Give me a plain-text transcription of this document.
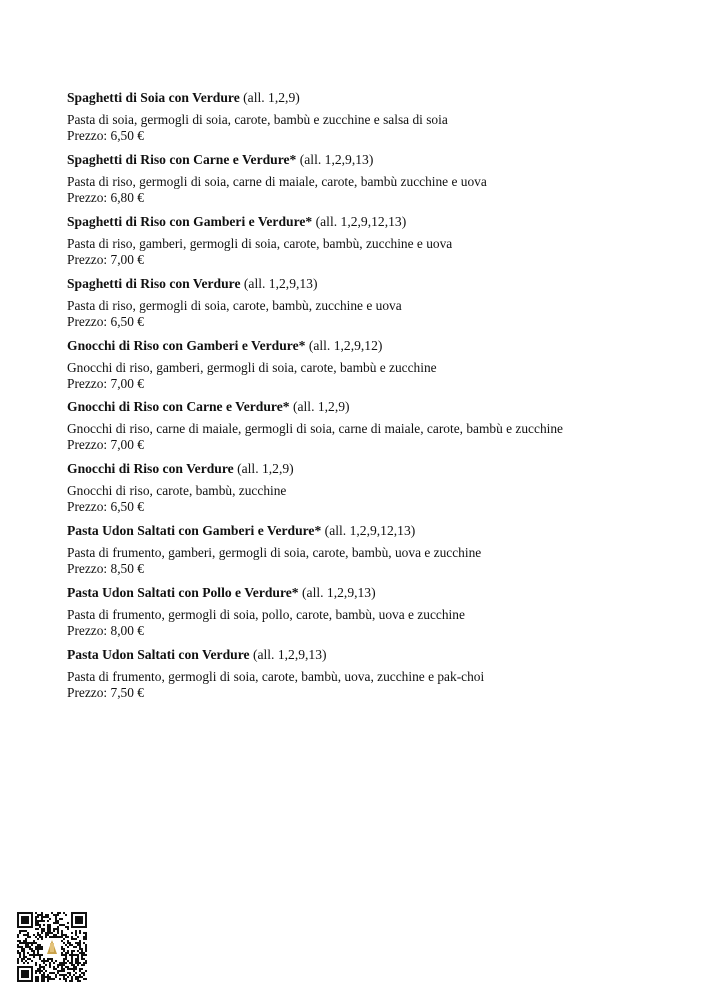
Spaghetti di Soia con Verdure (all. 1,2,9)
Pasta di soia, germogli di soia, carote, bambù e zucchine e salsa di soia
Prezzo: 6,50 €
Spaghetti di Riso con Carne e Verdure* (all. 1,2,9,13)
Pasta di riso, germogli di soia, carne di maiale, carote, bambù zucchine e uova
Prezzo: 6,80 €
Spaghetti di Riso con Gamberi e Verdure* (all. 1,2,9,12,13)
Pasta di riso, gamberi, germogli di soia, carote, bambù, zucchine e uova
Prezzo: 7,00 €
Spaghetti di Riso con Verdure (all. 1,2,9,13)
Pasta di riso, germogli di soia, carote, bambù, zucchine e uova
Prezzo: 6,50 €
Gnocchi di Riso con Gamberi e Verdure* (all. 1,2,9,12)
Gnocchi di riso, gamberi, germogli di soia, carote, bambù e zucchine
Prezzo: 7,00 €
Gnocchi di Riso con Carne e Verdure* (all. 1,2,9)
Gnocchi di riso, carne di maiale, germogli di soia, carne di maiale, carote, bambù e zucchine
Prezzo: 7,00 €
Gnocchi di Riso con Verdure (all. 1,2,9)
Gnocchi di riso, carote, bambù, zucchine
Prezzo: 6,50 €
Pasta Udon Saltati con Gamberi e Verdure* (all. 1,2,9,12,13)
Pasta di frumento, gamberi, germogli di soia, carote, bambù, uova e zucchine
Prezzo: 8,50 €
Pasta Udon Saltati con Pollo e Verdure* (all. 1,2,9,13)
Pasta di frumento, germogli di soia, pollo, carote, bambù, uova e zucchine
Prezzo: 8,00 €
Pasta Udon Saltati con Verdure (all. 1,2,9,13)
Pasta di frumento, germogli di soia, carote, bambù, uova, zucchine e pak-choi
Prezzo: 7,50 €
